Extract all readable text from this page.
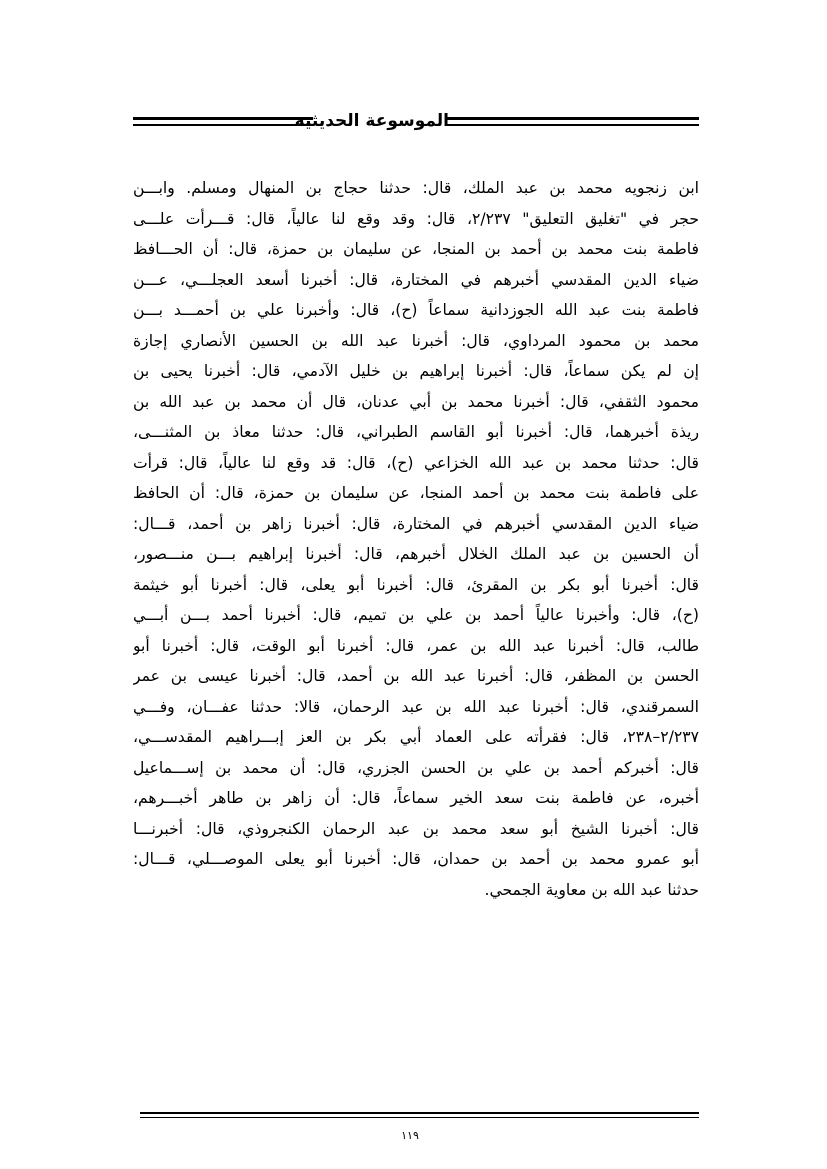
الموسوعة الحديثية
ابن زنجويه محمد بن عبد الملك، قال: حدثنا حجاج بن المنهال ومسلم. وابـــن
حجر في "تغليق التعليق" ٢/٢٣٧، قال: وقد وقع لنا عالياً، قال: قـــرأت علـــى
فاطمة بنت محمد بن أحمد بن المنجا، عن سليمان بن حمزة، قال: أن الحـــافظ
ضياء الدين المقدسي أخبرهم في المختارة، قال: أخبرنا أسعد العجلـــي، عـــن
فاطمة بنت عبد الله الجوزدانية سماعاً (ح)، قال: وأخبرنا علي بن أحمـــد بـــن
محمد بن محمود المرداوي، قال: أخبرنا عبد الله بن الحسين الأنصاري إجازة
إن لم يكن سماعاً، قال: أخبرنا إبراهيم بن خليل الآدمي، قال: أخبرنا يحيى بن
محمود الثقفي، قال: أخبرنا محمد بن أبي عدنان، قال أن محمد بن عبد الله بن
ريذة أخبرهما، قال: أخبرنا أبو القاسم الطبراني، قال: حدثنا معاذ بن المثنـــى،
قال: حدثنا محمد بن عبد الله الخزاعي (ح)، قال: قد وقع لنا عالياً، قال: قرأت
على فاطمة بنت محمد بن أحمد المنجا، عن سليمان بن حمزة، قال: أن الحافظ
ضياء الدين المقدسي أخبرهم في المختارة، قال: أخبرنا زاهر بن أحمد، قـــال:
أن الحسين بن عبد الملك الخلال أخبرهم، قال: أخبرنا إبراهيم بـــن منـــصور،
قال: أخبرنا أبو بكر بن المقرئ، قال: أخبرنا أبو يعلى، قال: أخبرنا أبو خيثمة
(ح)، قال: وأخبرنا عالياً أحمد بن علي بن تميم، قال: أخبرنا أحمد بـــن أبـــي
طالب، قال: أخبرنا عبد الله بن عمر، قال: أخبرنا أبو الوقت، قال: أخبرنا أبو
الحسن بن المظفر، قال: أخبرنا عبد الله بن أحمد، قال: أخبرنا عيسى بن عمر
السمرقندي، قال: أخبرنا عبد الله بن عبد الرحمان، قالا: حدثنا عفـــان، وفـــي
٢/٢٣٧–٢٣٨، قال: فقرأته على العماد أبي بكر بن العز إبـــراهيم المقدســـي،
قال: أخبركم أحمد بن علي بن الحسن الجزري، قال: أن محمد بن إســـماعيل
أخبره، عن فاطمة بنت سعد الخير سماعاً، قال: أن زاهر بن طاهر أخبـــرهم،
قال: أخبرنا الشيخ أبو سعد محمد بن عبد الرحمان الكنجروذي، قال: أخبرنـــا
أبو عمرو محمد بن أحمد بن حمدان، قال: أخبرنا أبو يعلى الموصـــلي، قـــال:
حدثنا عبد الله بن معاوية الجمحي.
١١٩
